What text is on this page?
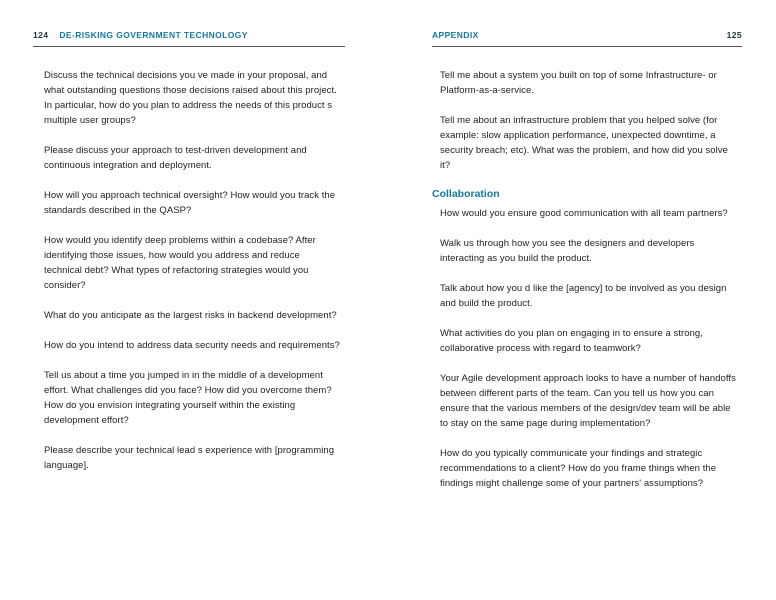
124 DE-RISKING GOVERNMENT TECHNOLOGY

Discuss the technical decisions you ve made in your proposal, and what outstanding questions those decisions raised about this project. In particular, how do you plan to address the needs of this product s multiple user groups?

Please discuss your approach to test-driven development and continuous integration and deployment.

How will you approach technical oversight? How would you track the standards described in the QASP?

How would you identify deep problems within a codebase? After identifying those issues, how would you address and reduce technical debt? What types of refactoring strategies would you consider?

What do you anticipate as the largest risks in backend development?

How do you intend to address data security needs and requirements?

Tell us about a time you jumped in in the middle of a development effort. What challenges did you face? How did you overcome them? How do you envision integrating yourself within the existing development effort?

Please describe your technical lead s experience with [programming language].

APPENDIX	125

Tell me about a system you built on top of some Infrastructure- or Platform-as-a-service.

Tell me about an infrastructure problem that you helped solve (for example: slow application performance, unexpected downtime, a security breach; etc). What was the problem, and how did you solve it?

Collaboration

How would you ensure good communication with all team partners?

Walk us through how you see the designers and developers interacting as you build the product.

Talk about how you d like the [agency] to be involved as you design and build the product.

What activities do you plan on engaging in to ensure a strong, collaborative process with regard to teamwork?

Your Agile development approach looks to have a number of handoffs between different parts of the team. Can you tell us how you can ensure that the various members of the design/dev team will be able to stay on the same page during implementation?

How do you typically communicate your findings and strategic recommendations to a client? How do you frame things when the findings might challenge some of your partners' assumptions?
